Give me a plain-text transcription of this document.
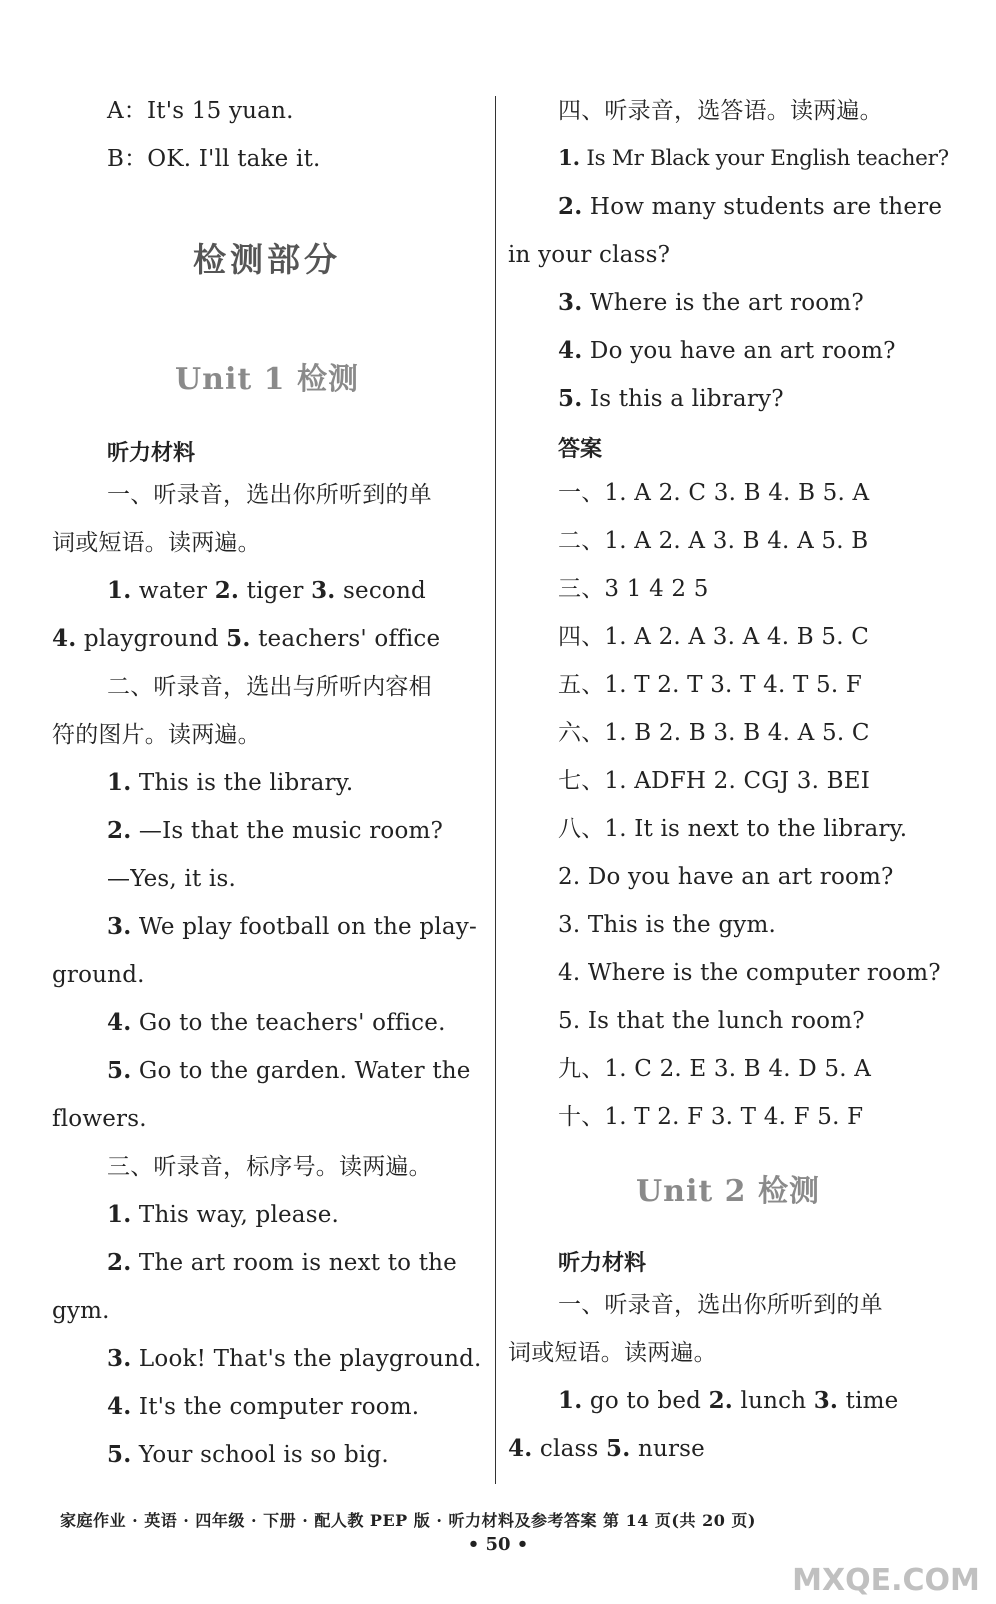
A：It's 15 yuan.
B：OK. I'll take it.
检测部分
Unit 1 检测
听力材料
一、听录音，选出你所听到的单
词或短语。读两遍。
1. water 2. tiger 3. second
4. playground 5. teachers' office
二、听录音，选出与所听内容相
符的图片。读两遍。
1. This is the library.
2. —Is that the music room?
—Yes, it is.
3. We play football on the play-
ground.
4. Go to the teachers' office.
5. Go to the garden. Water the
flowers.
三、听录音，标序号。读两遍。
1. This way, please.
2. The art room is next to the
gym.
3. Look! That's the playground.
4. It's the computer room.
5. Your school is so big.
四、听录音，选答语。读两遍。
1. Is Mr Black your English teacher?
2. How many students are there
in your class?
3. Where is the art room?
4. Do you have an art room?
5. Is this a library?
答案
一、1. A 2. C 3. B 4. B 5. A
二、1. A 2. A 3. B 4. A 5. B
三、3 1 4 2 5
四、1. A 2. A 3. A 4. B 5. C
五、1. T 2. T 3. T 4. T 5. F
六、1. B 2. B 3. B 4. A 5. C
七、1. ADFH 2. CGJ 3. BEI
八、1. It is next to the library.
2. Do you have an art room?
3. This is the gym.
4. Where is the computer room?
5. Is that the lunch room?
九、1. C 2. E 3. B 4. D 5. A
十、1. T 2. F 3. T 4. F 5. F
Unit 2 检测
听力材料
一、听录音，选出你所听到的单
词或短语。读两遍。
1. go to bed 2. lunch 3. time
4. class 5. nurse
家庭作业 · 英语 · 四年级 · 下册 · 配人教 PEP 版 · 听力材料及参考答案 第 14 页(共 20 页)
• 50 •
MXQE.COM
